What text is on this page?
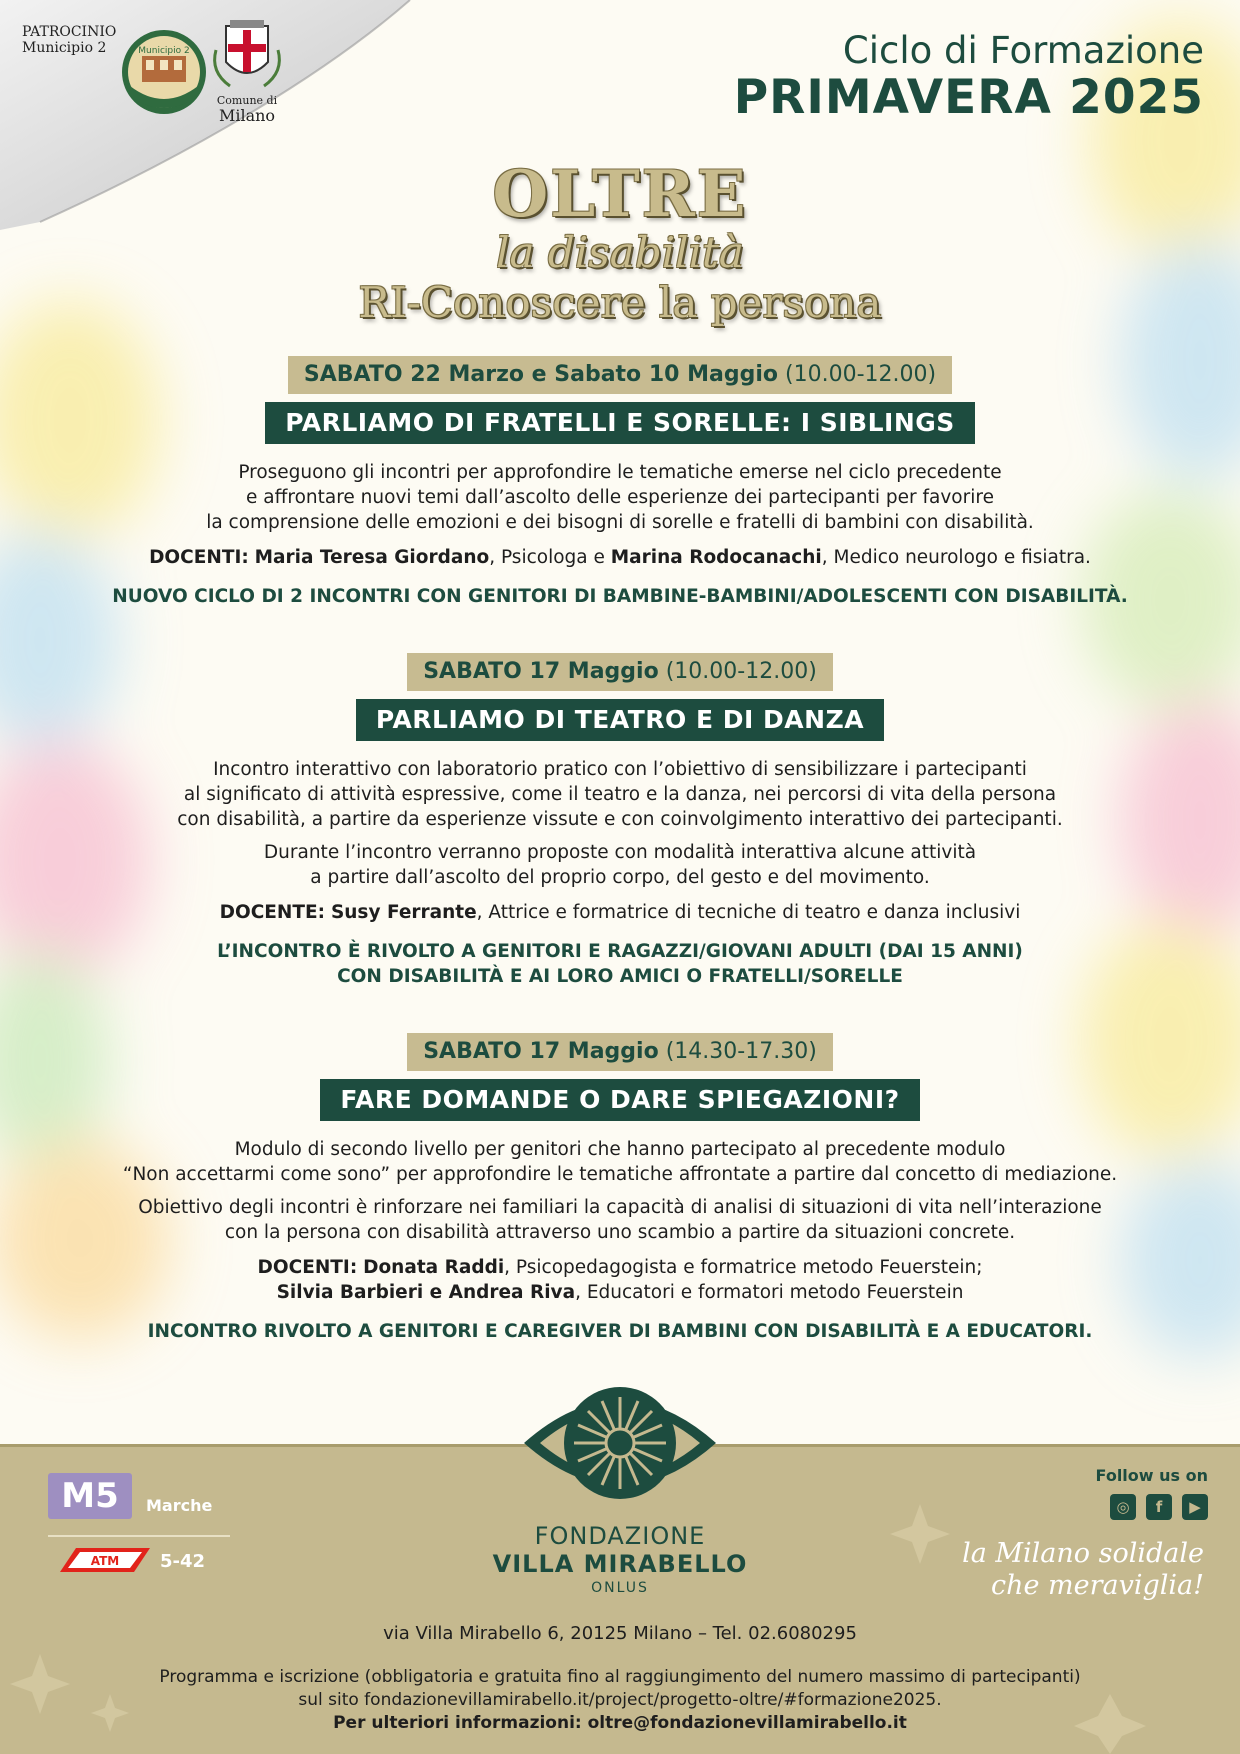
PATROCINIO
Municipio 2	Municipio 2
Comune di
Milano
Ciclo di Formazione
PRIMAVERA 2025
OLTRE
la disabilità
RI-Conoscere la persona
SABATO 22 Marzo e Sabato 10 Maggio (10.00-12.00)
PARLIAMO DI FRATELLI E SORELLE: I SIBLINGS
Proseguono gli incontri per approfondire le tematiche emerse nel ciclo precedente
e affrontare nuovi temi dall’ascolto delle esperienze dei partecipanti per favorire
la comprensione delle emozioni e dei bisogni di sorelle e fratelli di bambini con disabilità.
DOCENTI: Maria Teresa Giordano, Psicologa e Marina Rodocanachi, Medico neurologo e fisiatra.
NUOVO CICLO DI 2 INCONTRI CON GENITORI DI BAMBINE-BAMBINI/ADOLESCENTI CON DISABILITÀ.
SABATO 17 Maggio (10.00-12.00)
PARLIAMO DI TEATRO E DI DANZA
Incontro interattivo con laboratorio pratico con l’obiettivo di sensibilizzare i partecipanti
al significato di attività espressive, come il teatro e la danza, nei percorsi di vita della persona
con disabilità, a partire da esperienze vissute e con coinvolgimento interattivo dei partecipanti.
Durante l’incontro verranno proposte con modalità interattiva alcune attività
a partire dall’ascolto del proprio corpo, del gesto e del movimento.
DOCENTE: Susy Ferrante, Attrice e formatrice di tecniche di teatro e danza inclusivi
L’INCONTRO È RIVOLTO A GENITORI E RAGAZZI/GIOVANI ADULTI (DAI 15 ANNI)
CON DISABILITÀ E AI LORO AMICI O FRATELLI/SORELLE
SABATO 17 Maggio (14.30-17.30)
FARE DOMANDE O DARE SPIEGAZIONI?
Modulo di secondo livello per genitori che hanno partecipato al precedente modulo
“Non accettarmi come sono” per approfondire le tematiche affrontate a partire dal concetto di mediazione.
Obiettivo degli incontri è rinforzare nei familiari la capacità di analisi di situazioni di vita nell’interazione
con la persona con disabilità attraverso uno scambio a partire da situazioni concrete.
DOCENTI: Donata Raddi, Psicopedagogista e formatrice metodo Feuerstein;
Silvia Barbieri e Andrea Riva, Educatori e formatori metodo Feuerstein
INCONTRO RIVOLTO A GENITORI E CAREGIVER DI BAMBINI CON DISABILITÀ E A EDUCATORI.
FONDAZIONE
VILLA MIRABELLO
ONLUS
M5	Marche
ATM 5-42
Follow us on
◎	f	▶
la Milano solidale
che meraviglia!
via Villa Mirabello 6, 20125 Milano – Tel. 02.6080295
Programma e iscrizione (obbligatoria e gratuita fino al raggiungimento del numero massimo di partecipanti)
sul sito fondazionevillamirabello.it/project/progetto-oltre/#formazione2025.
Per ulteriori informazioni: oltre@fondazionevillamirabello.it
